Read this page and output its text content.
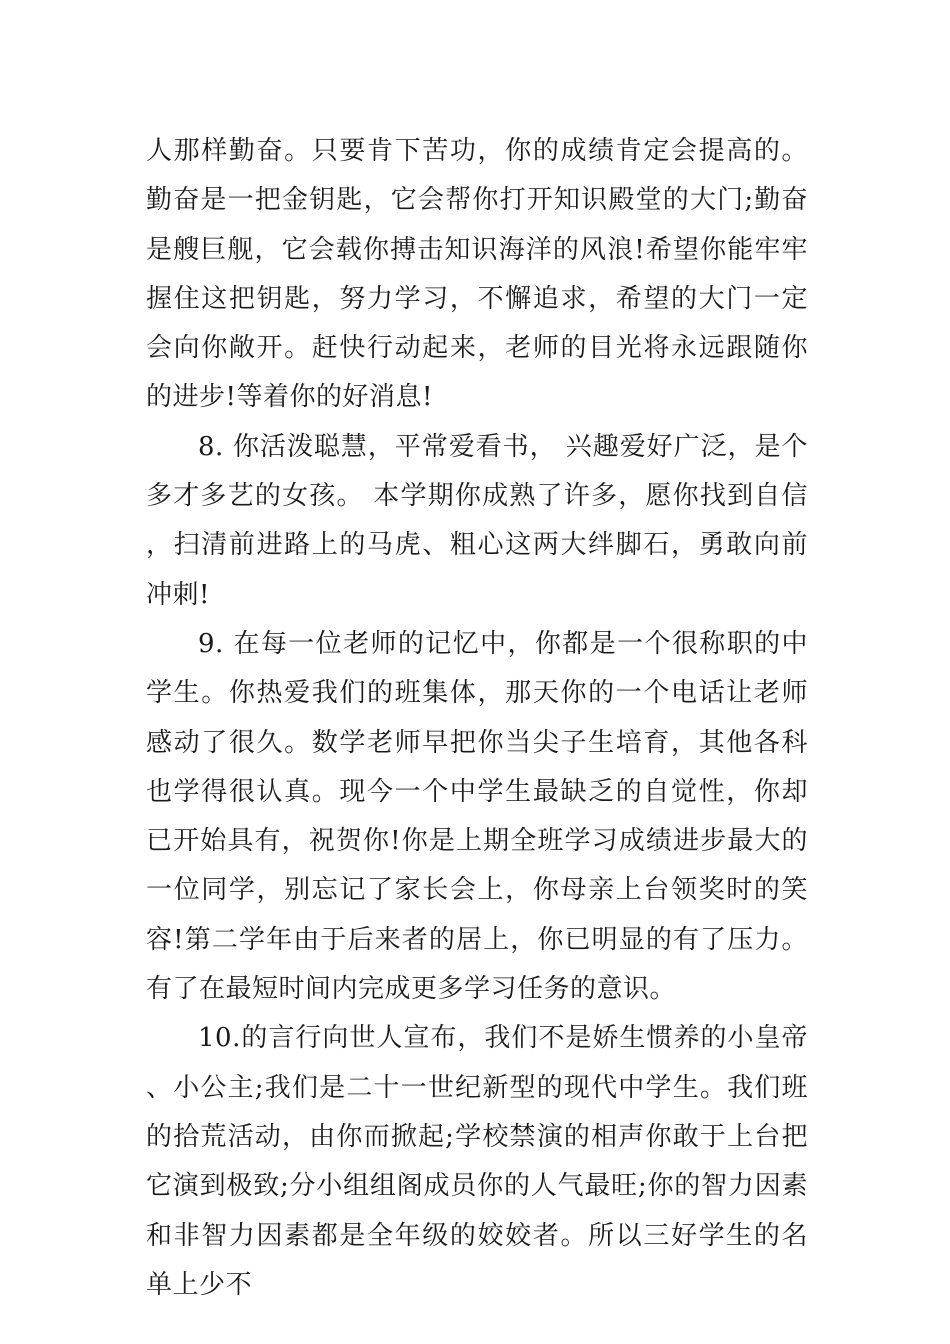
人那样勤奋。只要肯下苦功，你的成绩肯定会提高的。勤奋是一把金钥匙，它会帮你打开知识殿堂的大门;勤奋是艘巨舰，它会载你搏击知识海洋的风浪!希望你能牢牢握住这把钥匙，努力学习，不懈追求，希望的大门一定会向你敞开。赶快行动起来，老师的目光将永远跟随你的进步!等着你的好消息!

8. 你活泼聪慧，平常爱看书， 兴趣爱好广泛，是个多才多艺的女孩。 本学期你成熟了许多，愿你找到自信，扫清前进路上的马虎、粗心这两大绊脚石，勇敢向前冲刺!

9. 在每一位老师的记忆中，你都是一个很称职的中学生。你热爱我们的班集体，那天你的一个电话让老师感动了很久。数学老师早把你当尖子生培育，其他各科也学得很认真。现今一个中学生最缺乏的自觉性，你却已开始具有，祝贺你!你是上期全班学习成绩进步最大的一位同学，别忘记了家长会上，你母亲上台领奖时的笑容!第二学年由于后来者的居上，你已明显的有了压力。有了在最短时间内完成更多学习任务的意识。

10.的言行向世人宣布，我们不是娇生惯养的小皇帝、小公主;我们是二十一世纪新型的现代中学生。我们班的拾荒活动，由你而掀起;学校禁演的相声你敢于上台把它演到极致;分小组组阁成员你的人气最旺;你的智力因素和非智力因素都是全年级的姣姣者。所以三好学生的名单上少不
